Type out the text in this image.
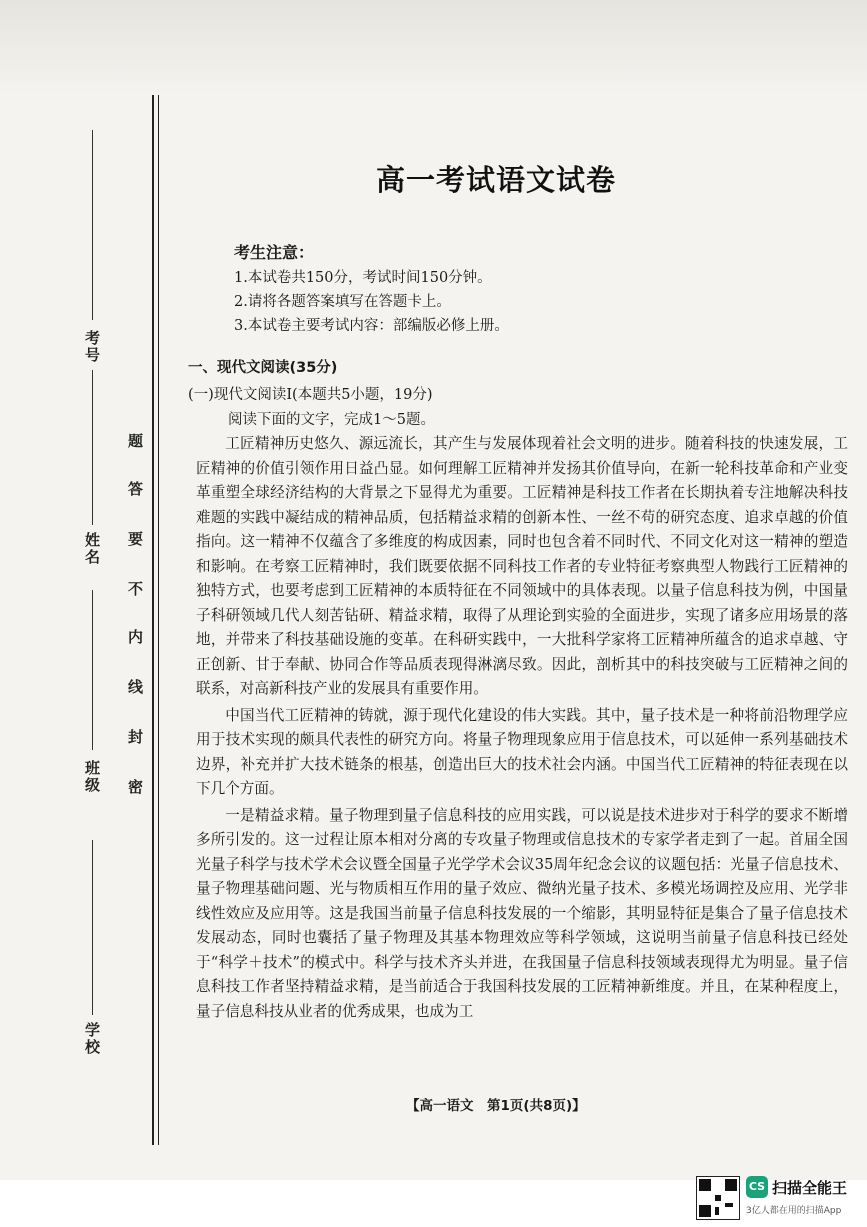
考号
姓名
班级
学校
题
答
要
不
内
线
封
密
高一考试语文试卷
考生注意：
1.本试卷共150分，考试时间150分钟。
2.请将各题答案填写在答题卡上。
3.本试卷主要考试内容：部编版必修上册。
一、现代文阅读(35分)
(一)现代文阅读Ⅰ(本题共5小题，19分)
阅读下面的文字，完成1～5题。

工匠精神历史悠久、源远流长，其产生与发展体现着社会文明的进步。随着科技的快速发展，工匠精神的价值引领作用日益凸显。如何理解工匠精神并发扬其价值导向，在新一轮科技革命和产业变革重塑全球经济结构的大背景之下显得尤为重要。工匠精神是科技工作者在长期执着专注地解决科技难题的实践中凝结成的精神品质，包括精益求精的创新本性、一丝不苟的研究态度、追求卓越的价值指向。这一精神不仅蕴含了多维度的构成因素，同时也包含着不同时代、不同文化对这一精神的塑造和影响。在考察工匠精神时，我们既要依据不同科技工作者的专业特征考察典型人物践行工匠精神的独特方式，也要考虑到工匠精神的本质特征在不同领域中的具体表现。以量子信息科技为例，中国量子科研领域几代人刻苦钻研、精益求精，取得了从理论到实验的全面进步，实现了诸多应用场景的落地，并带来了科技基础设施的变革。在科研实践中，一大批科学家将工匠精神所蕴含的追求卓越、守正创新、甘于奉献、协同合作等品质表现得淋漓尽致。因此，剖析其中的科技突破与工匠精神之间的联系，对高新科技产业的发展具有重要作用。

中国当代工匠精神的铸就，源于现代化建设的伟大实践。其中，量子技术是一种将前沿物理学应用于技术实现的颇具代表性的研究方向。将量子物理现象应用于信息技术，可以延伸一系列基础技术边界，补充并扩大技术链条的根基，创造出巨大的技术社会内涵。中国当代工匠精神的特征表现在以下几个方面。

一是精益求精。量子物理到量子信息科技的应用实践，可以说是技术进步对于科学的要求不断增多所引发的。这一过程让原本相对分离的专攻量子物理或信息技术的专家学者走到了一起。首届全国光量子科学与技术学术会议暨全国量子光学学术会议35周年纪念会议的议题包括：光量子信息技术、量子物理基础问题、光与物质相互作用的量子效应、微纳光量子技术、多模光场调控及应用、光学非线性效应及应用等。这是我国当前量子信息科技发展的一个缩影，其明显特征是集合了量子信息技术发展动态，同时也囊括了量子物理及其基本物理效应等科学领域，这说明当前量子信息科技已经处于“科学＋技术”的模式中。科学与技术齐头并进，在我国量子信息科技领域表现得尤为明显。量子信息科技工作者坚持精益求精，是当前适合于我国科技发展的工匠精神新维度。并且，在某种程度上，量子信息科技从业者的优秀成果，也成为工

【高一语文　第1页(共8页)】
CS 扫描全能王
3亿人都在用的扫描App
